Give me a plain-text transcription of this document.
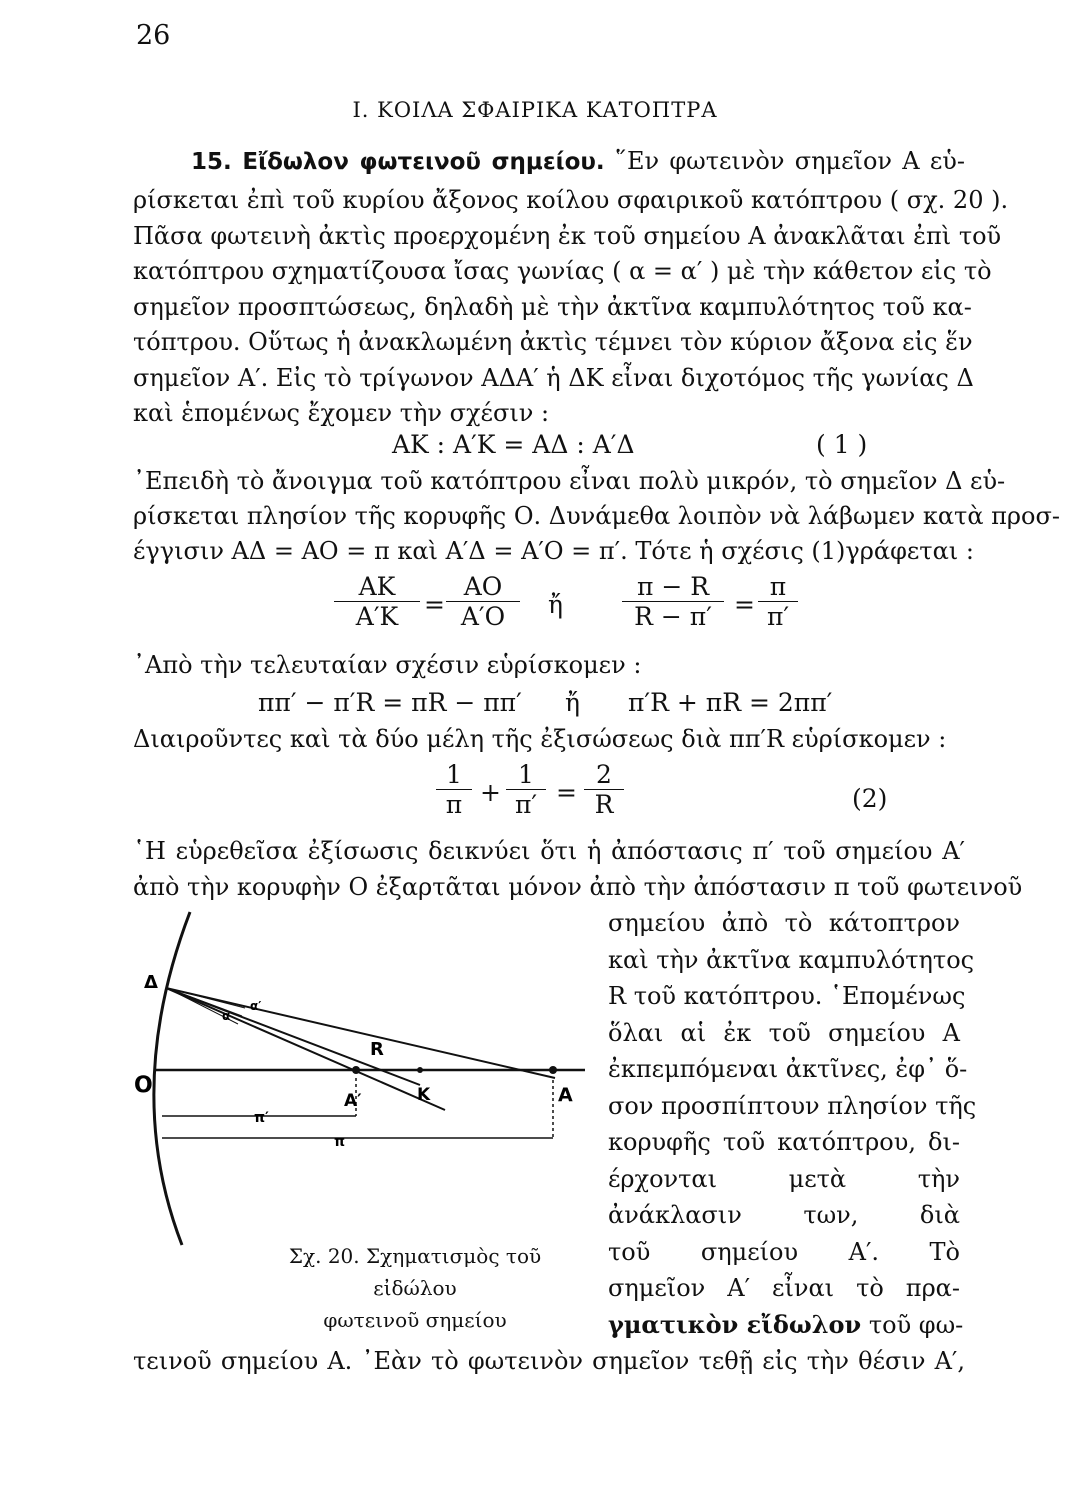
26
I. ΚΟΙΛΑ ΣΦΑΙΡΙΚΑ ΚΑΤΟΠΤΡΑ
15. Εἴδωλον φωτεινοῦ σημείου. ῞Εν φωτεινὸν σημεῖον Α εὑ-
ρίσκεται ἐπὶ τοῦ κυρίου ἄξονος κοίλου σφαιρικοῦ κατόπτρου ( σχ. 20 ).
Πᾶσα φωτεινὴ ἀκτὶς προερχομένη ἐκ τοῦ σημείου Α ἀνακλᾶται ἐπὶ τοῦ
κατόπτρου σχηματίζουσα ἴσας γωνίας ( α = α′ ) μὲ τὴν κάθετον εἰς τὸ
σημεῖον προσπτώσεως, δηλαδὴ μὲ τὴν ἀκτῖνα καμπυλότητος τοῦ κα-
τόπτρου. Οὕτως ἡ ἀνακλωμένη ἀκτὶς τέμνει τὸν κύριον ἄξονα εἰς ἕν
σημεῖον Α′. Εἰς τὸ τρίγωνον ΑΔΑ′ ἡ ΔΚ εἶναι διχοτόμος τῆς γωνίας Δ
καὶ ἑπομένως ἔχομεν τὴν σχέσιν :
ΑΚ : Α′Κ = ΑΔ : Α′Δ	( 1 )
᾿Επειδὴ τὸ ἄνοιγμα τοῦ κατόπτρου εἶναι πολὺ μικρόν, τὸ σημεῖον Δ εὑ-
ρίσκεται πλησίον τῆς κορυφῆς Ο. Δυνάμεθα λοιπὸν νὰ λάβωμεν κατὰ προσ-
έγγισιν ΑΔ = ΑΟ = π καὶ Α′Δ = Α′Ο = π′. Τότε ἡ σχέσις (1)γράφεται :
$\frac{AK}{A'K} = \frac{AO}{A'O}$ ἤ $\frac{\pi - R}{R - \pi'} = \frac{\pi}{\pi'}$
᾿Απὸ τὴν τελευταίαν σχέσιν εὑρίσκομεν :
ππ′ − π′R = πR − ππ′ ἤ π′R + πR = 2ππ′
Διαιροῦντες καὶ τὰ δύο μέλη τῆς ἐξισώσεως διὰ ππ′R εὑρίσκομεν :
$\frac{1}{\pi} + \frac{1}{\pi'} = \frac{2}{R}$	(2)
῾Η εὑρεθεῖσα ἐξίσωσις δεικνύει ὅτι ἡ ἀπόστασις π′ τοῦ σημείου Α′
ἀπὸ τὴν κορυφὴν Ο ἐξαρτᾶται μόνον ἀπὸ τὴν ἀπόστασιν π τοῦ φωτεινοῦ
σημείου ἀπὸ τὸ κάτοπτρον
καὶ τὴν ἀκτῖνα καμπυλότητος
R τοῦ κατόπτρου. ῾Επομένως
ὅλαι αἱ ἐκ τοῦ σημείου Α
ἐκπεμπόμεναι ἀκτῖνες, ἐφ᾿ ὅ-
σον προσπίπτουν πλησίον τῆς
κορυφῆς τοῦ κατόπτρου, δι-
έρχονται μετὰ τὴν
ἀνάκλασιν των, διὰ
τοῦ σημείου Α′. Τὸ
σημεῖον Α′ εἶναι τὸ πρα-
γματικὸν εἴδωλον τοῦ φω-
τεινοῦ σημείου Α. ᾿Εὰν τὸ φωτεινὸν σημεῖον τεθῇ εἰς τὴν θέσιν Α′,
Δ
Ο
Α′	Κ	Α
R
α
α′
π′
π
Σχ. 20. Σχηματισμὸς τοῦ εἰδώλου
φωτεινοῦ σημείου
